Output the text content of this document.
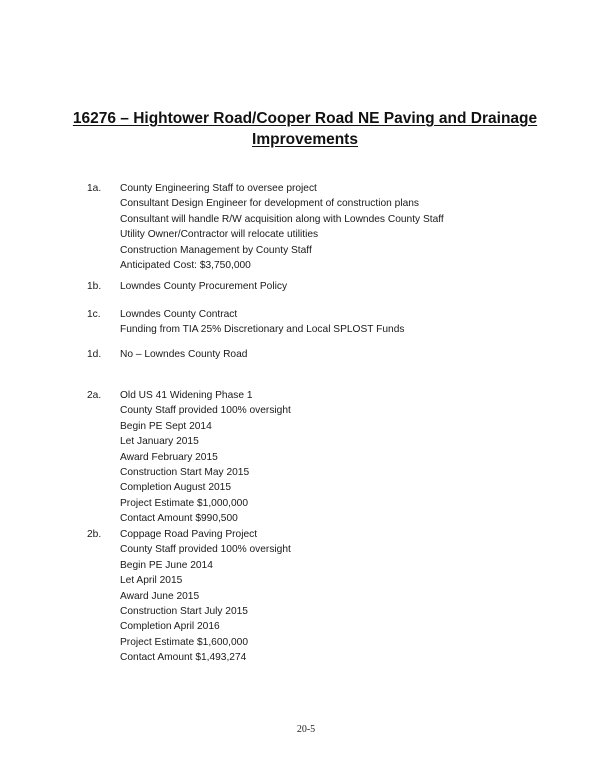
16276 – Hightower Road/Cooper Road NE Paving and Drainage
Improvements
1a.	County Engineering Staff to oversee project
Consultant Design Engineer for development of construction plans
Consultant will handle R/W acquisition along with Lowndes County Staff
Utility Owner/Contractor will relocate utilities
Construction Management by County Staff
Anticipated Cost: $3,750,000
1b.	Lowndes County Procurement Policy
1c.	Lowndes County Contract
Funding from TIA 25% Discretionary and Local SPLOST Funds
1d.	No – Lowndes County Road
2a.	Old US 41 Widening Phase 1
County Staff provided 100% oversight
Begin PE Sept 2014
Let January 2015
Award February 2015
Construction Start May 2015
Completion August 2015
Project Estimate $1,000,000
Contact Amount $990,500
2b.	Coppage Road Paving Project
County Staff provided 100% oversight
Begin PE June 2014
Let April 2015
Award June 2015
Construction Start July 2015
Completion April 2016
Project Estimate $1,600,000
Contact Amount $1,493,274
20-5
